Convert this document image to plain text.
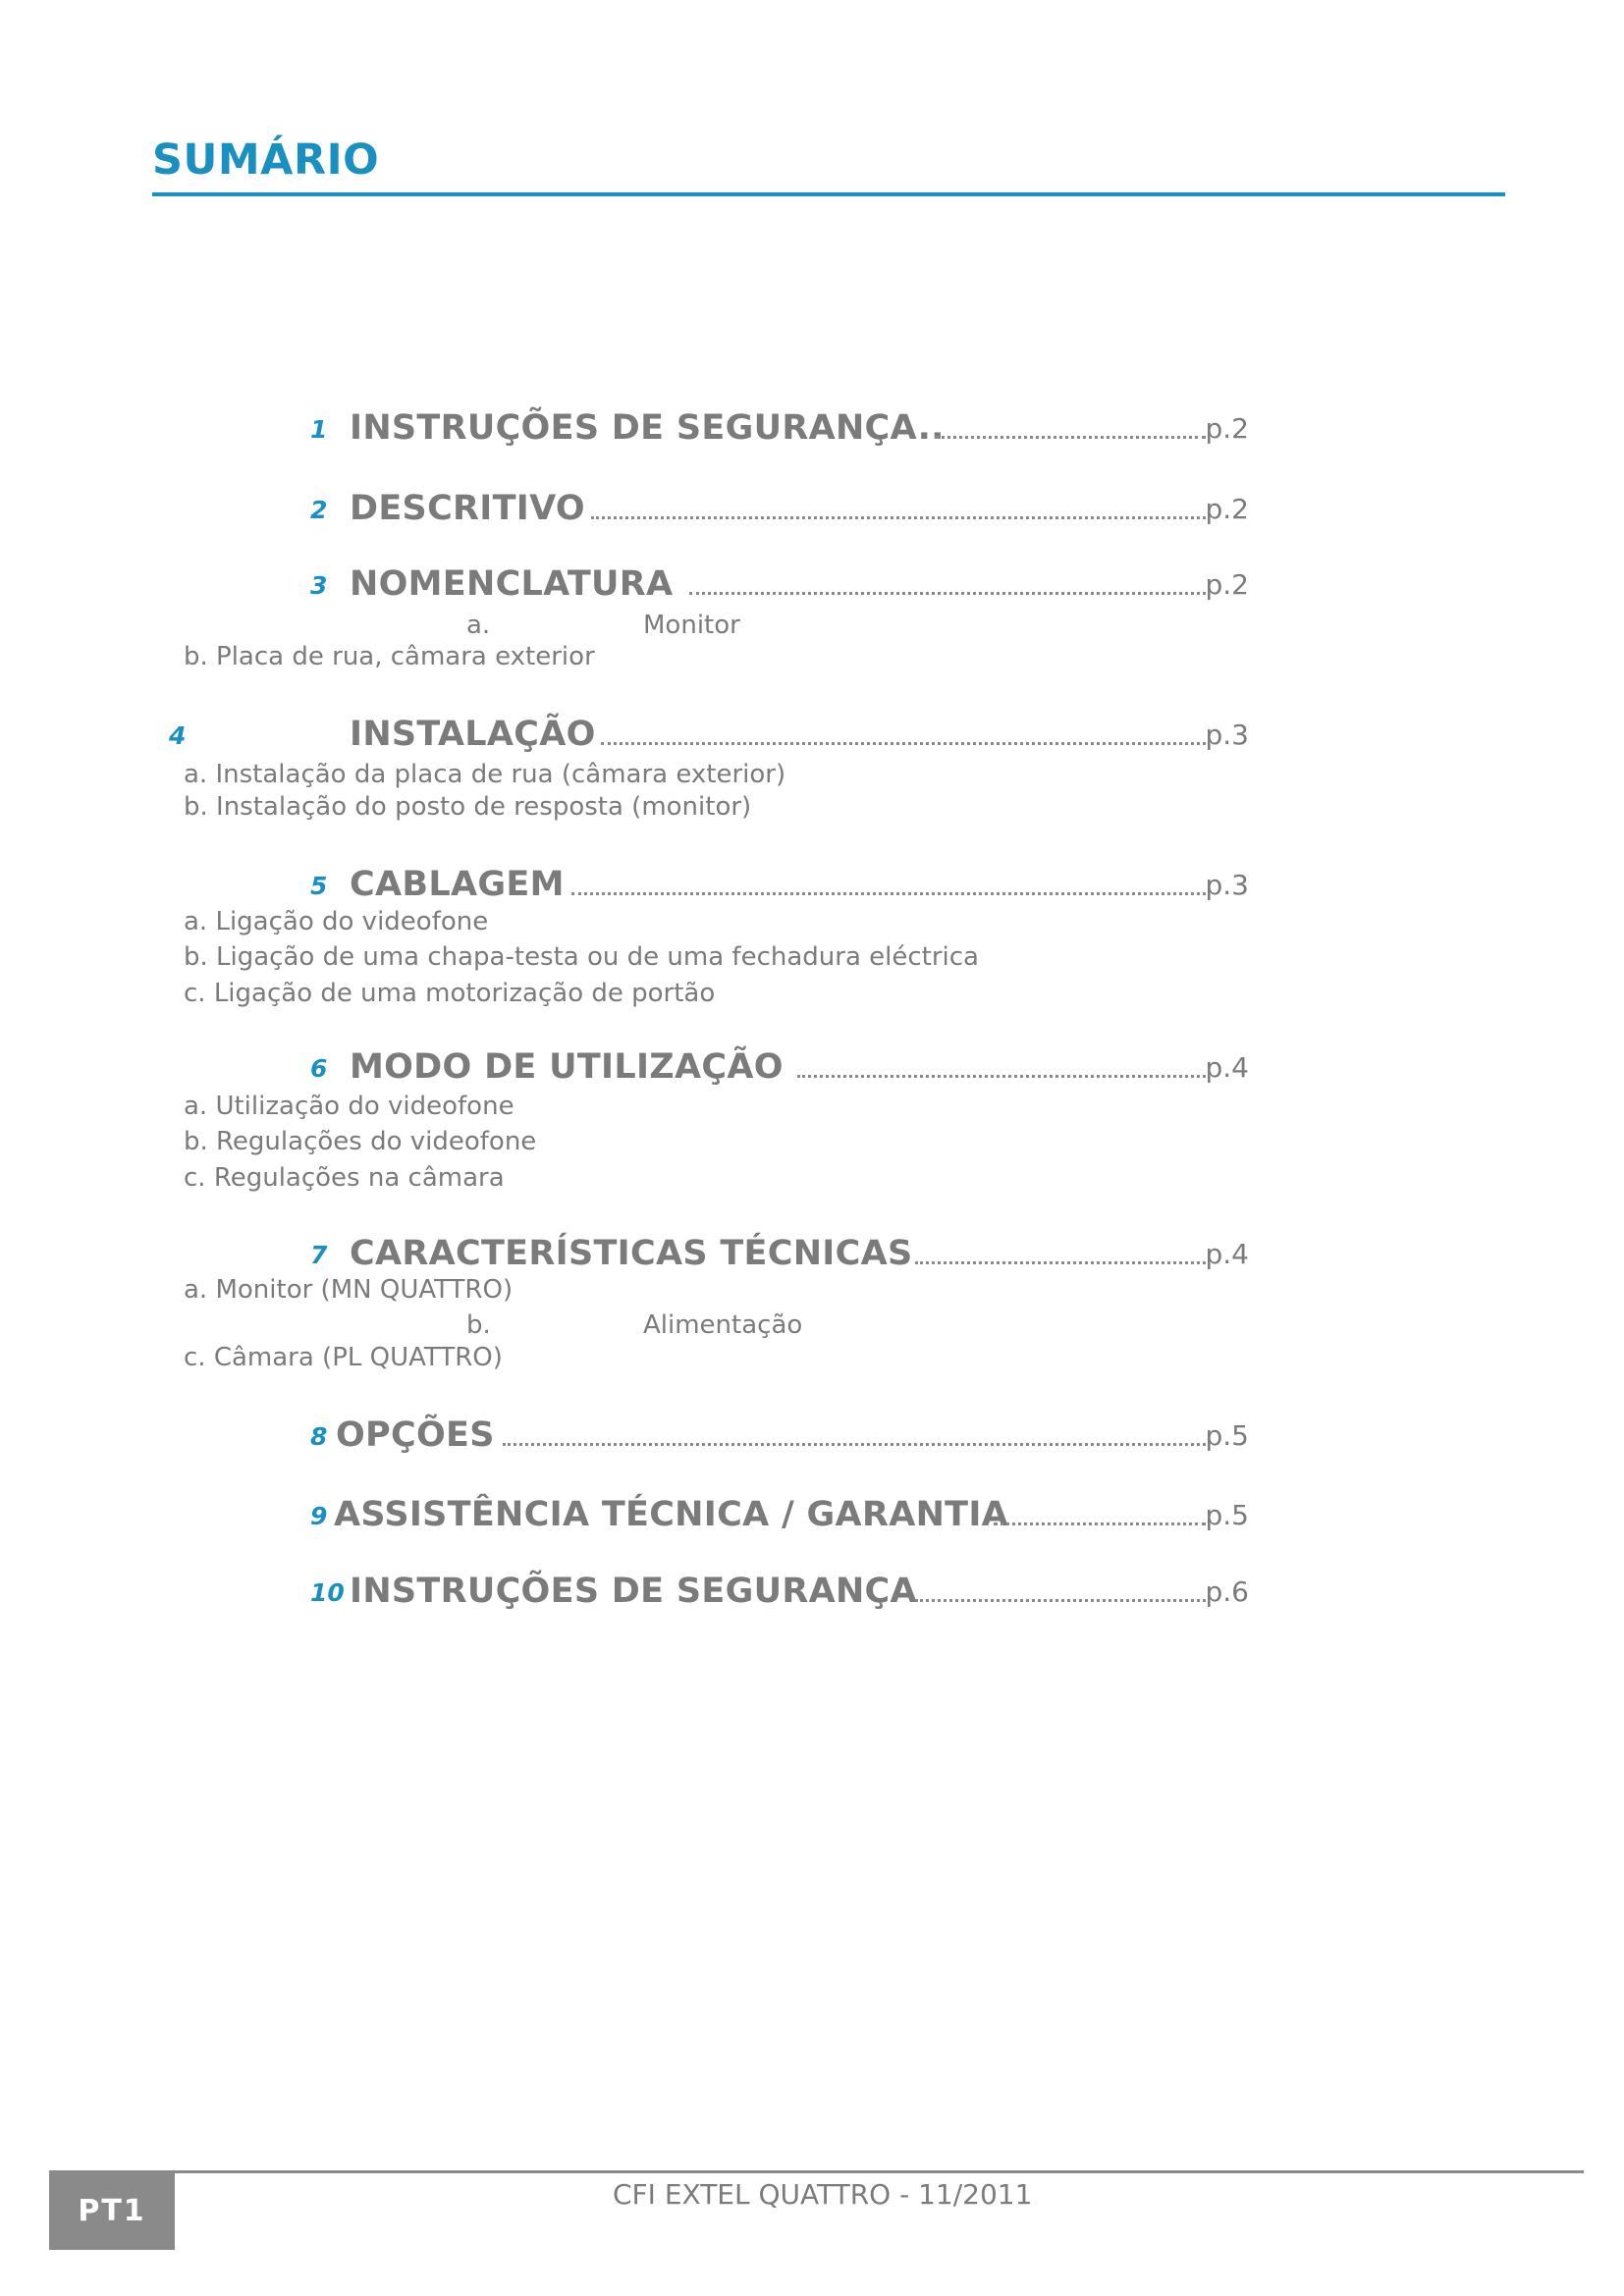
SUMÁRIO
1 INSTRUÇÕES DE SEGURANÇA..	p.2
2 DESCRITIVO	p.2
3 NOMENCLATURA	p.2
a.	Monitor
b. Placa de rua, câmara exterior
4	INSTALAÇÃO	p.3
a. Instalação da placa de rua (câmara exterior)
b. Instalação do posto de resposta (monitor)
5 CABLAGEM	p.3
a. Ligação do videofone
b. Ligação de uma chapa-testa ou de uma fechadura eléctrica
c. Ligação de uma motorização de portão
6 MODO DE UTILIZAÇÃO	p.4
a. Utilização do videofone
b. Regulações do videofone
c. Regulações na câmara
7 CARACTERÍSTICAS TÉCNICAS	p.4
a. Monitor (MN QUATTRO)
b.	Alimentação
c. Câmara (PL QUATTRO)
8 OPÇÕES	p.5
9 ASSISTÊNCIA TÉCNICA / GARANTIA	p.5
10 INSTRUÇÕES DE SEGURANÇA	p.6
PT1	CFI EXTEL QUATTRO - 11/2011
